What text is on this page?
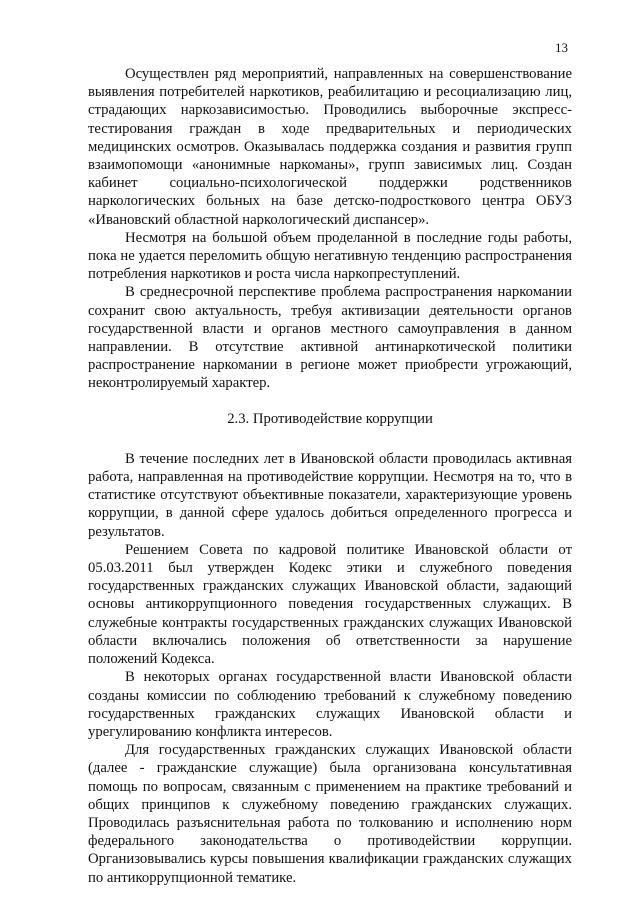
13

Осуществлен ряд мероприятий, направленных на совершенствование выявления потребителей наркотиков, реабилитацию и ресоциализацию лиц, страдающих наркозависимостью. Проводились выборочные экспресс-тестирования граждан в ходе предварительных и периодических медицинских осмотров. Оказывалась поддержка создания и развития групп взаимопомощи «анонимные наркоманы», групп зависимых лиц. Создан кабинет социально-психологической поддержки родственников наркологических больных на базе детско-подросткового центра ОБУЗ «Ивановский областной наркологический диспансер».

Несмотря на большой объем проделанной в последние годы работы, пока не удается переломить общую негативную тенденцию распространения потребления наркотиков и роста числа наркопреступлений.

В среднесрочной перспективе проблема распространения наркомании сохранит свою актуальность, требуя активизации деятельности органов государственной власти и органов местного самоуправления в данном направлении. В отсутствие активной антинаркотической политики распространение наркомании в регионе может приобрести угрожающий, неконтролируемый характер.

2.3. Противодействие коррупции

В течение последних лет в Ивановской области проводилась активная работа, направленная на противодействие коррупции. Несмотря на то, что в статистике отсутствуют объективные показатели, характеризующие уровень коррупции, в данной сфере удалось добиться определенного прогресса и результатов.

Решением Совета по кадровой политике Ивановской области от 05.03.2011 был утвержден Кодекс этики и служебного поведения государственных гражданских служащих Ивановской области, задающий основы антикоррупционного поведения государственных служащих. В служебные контракты государственных гражданских служащих Ивановской области включались положения об ответственности за нарушение положений Кодекса.

В некоторых органах государственной власти Ивановской области созданы комиссии по соблюдению требований к служебному поведению государственных гражданских служащих Ивановской области и урегулированию конфликта интересов.

Для государственных гражданских служащих Ивановской области (далее - гражданские служащие) была организована консультативная помощь по вопросам, связанным с применением на практике требований и общих принципов к служебному поведению гражданских служащих. Проводилась разъяснительная работа по толкованию и исполнению норм федерального законодательства о противодействии коррупции. Организовывались курсы повышения квалификации гражданских служащих по антикоррупционной тематике.
